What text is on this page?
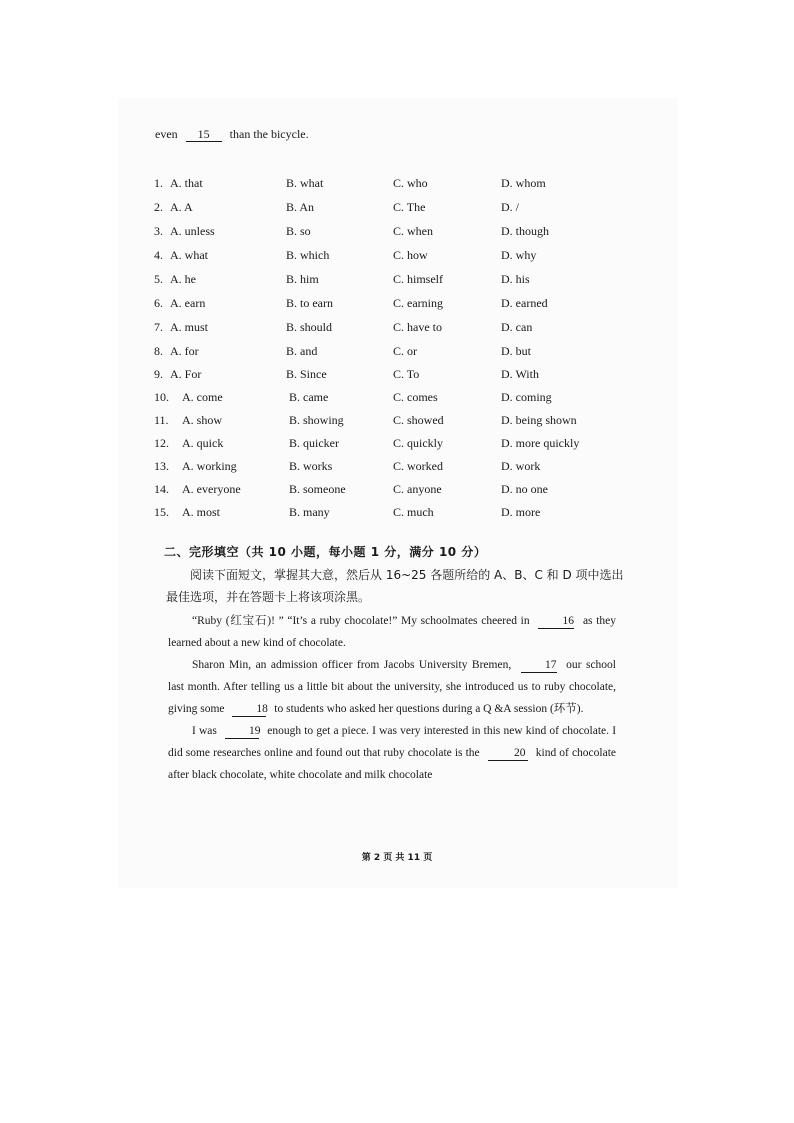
even 15 than the bicycle.
1. A. that	B. what	C. who	D. whom
2. A. A	B. An	C. The	D. /
3. A. unless	B. so	C. when	D. though
4. A. what	B. which	C. how	D. why
5. A. he	B. him	C. himself	D. his
6. A. earn	B. to earn	C. earning	D. earned
7. A. must	B. should	C. have to	D. can
8. A. for	B. and	C. or	D. but
9. A. For	B. Since	C. To	D. With
10. A. come	B. came	C. comes	D. coming
11. A. show	B. showing	C. showed	D. being shown
12. A. quick	B. quicker	C. quickly	D. more quickly
13. A. working	B. works	C. worked	D. work
14. A. everyone	B. someone	C. anyone	D. no one
15. A. most	B. many	C. much	D. more
二、完形填空（共 10 小题，每小题 1 分，满分 10 分）
阅读下面短文，掌握其大意，然后从 16~25 各题所给的 A、B、C 和 D 项中选出最佳选项，并在答题卡上将该项涂黑。
“Ruby (红宝石)! ” “It’s a ruby chocolate!” My schoolmates cheered in	16 as they learned about a new kind of chocolate.
Sharon Min, an admission officer from Jacobs University Bremen,	17 our school last month. After telling us a little bit about the university, she introduced us to ruby chocolate, giving some	18 to students who asked her questions during a Q &A session (环节).
I was	19 enough to get a piece. I was very interested in this new kind of chocolate. I did some researches online and found out that ruby chocolate is the	20 kind of chocolate after black chocolate, white chocolate and milk chocolate
第 2 页 共 11 页
